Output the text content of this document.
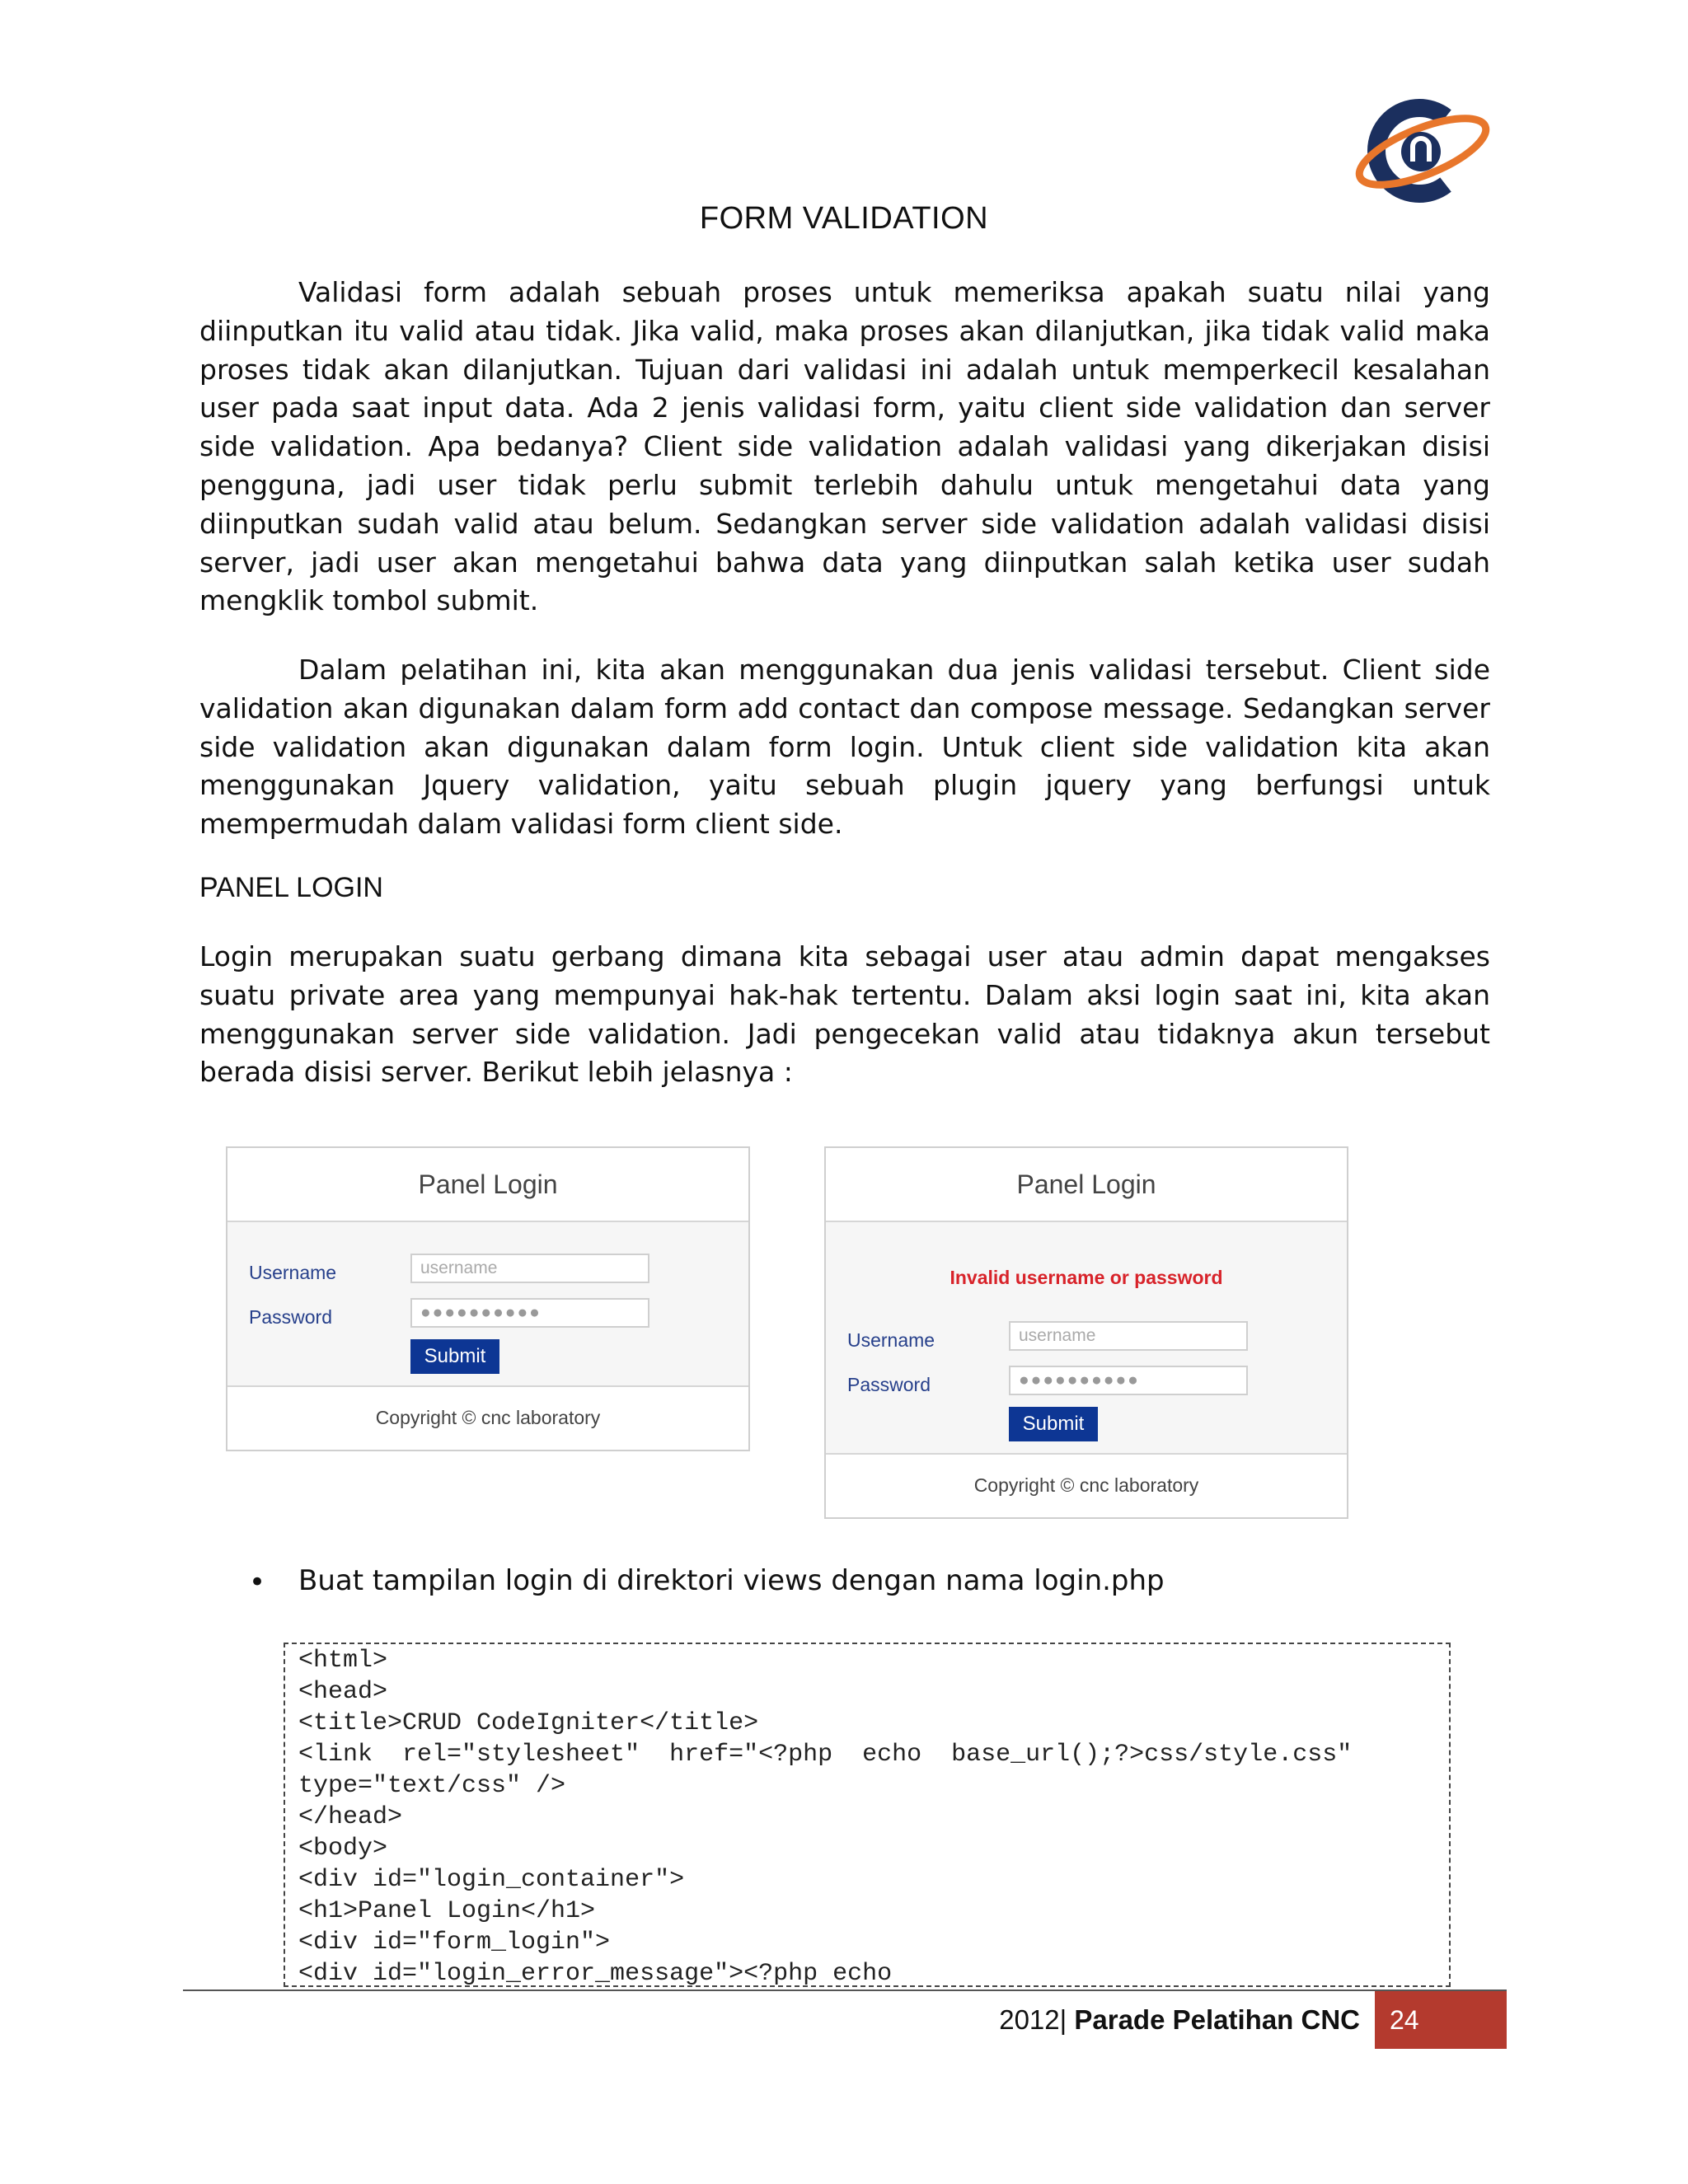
FORM VALIDATION

Validasi form adalah sebuah proses untuk memeriksa apakah suatu nilai yang diinputkan itu valid atau tidak. Jika valid, maka proses akan dilanjutkan, jika tidak valid maka proses tidak akan dilanjutkan. Tujuan dari validasi ini adalah untuk memperkecil kesalahan user pada saat input data. Ada 2 jenis validasi form, yaitu client side validation dan server side validation. Apa bedanya? Client side validation adalah validasi yang dikerjakan disisi pengguna, jadi user tidak perlu submit terlebih dahulu untuk mengetahui data yang diinputkan sudah valid atau belum. Sedangkan server side validation adalah validasi disisi server, jadi user akan mengetahui bahwa data yang diinputkan salah ketika user sudah mengklik tombol submit.

Dalam pelatihan ini, kita akan menggunakan dua jenis validasi tersebut. Client side validation akan digunakan dalam form add contact dan compose message. Sedangkan server side validation akan digunakan dalam form login. Untuk client side validation kita akan menggunakan Jquery validation, yaitu sebuah plugin jquery yang berfungsi untuk mempermudah dalam validasi form client side.

PANEL LOGIN

Login merupakan suatu gerbang dimana kita sebagai user atau admin dapat mengakses suatu private area yang mempunyai hak-hak tertentu. Dalam aksi login saat ini, kita akan menggunakan server side validation. Jadi pengecekan valid atau tidaknya akun tersebut berada disisi server. Berikut lebih jelasnya :

Panel Login
Username	username
Password	●●●●●●●●●●
Submit
Copyright © cnc laboratory
Panel Login
Invalid username or password
Username	username
Password	●●●●●●●●●●
Submit
Copyright © cnc laboratory
• Buat tampilan login di direktori views dengan nama login.php
<html>
<head>
<title>CRUD CodeIgniter</title>
<link  rel="stylesheet"  href="<?php  echo  base_url();?>css/style.css"
type="text/css" />
</head>
<body>
<div id="login_container">
<h1>Panel Login</h1>
<div id="form_login">
<div id="login_error_message"><?php echo
2012| Parade Pelatihan CNC	24
